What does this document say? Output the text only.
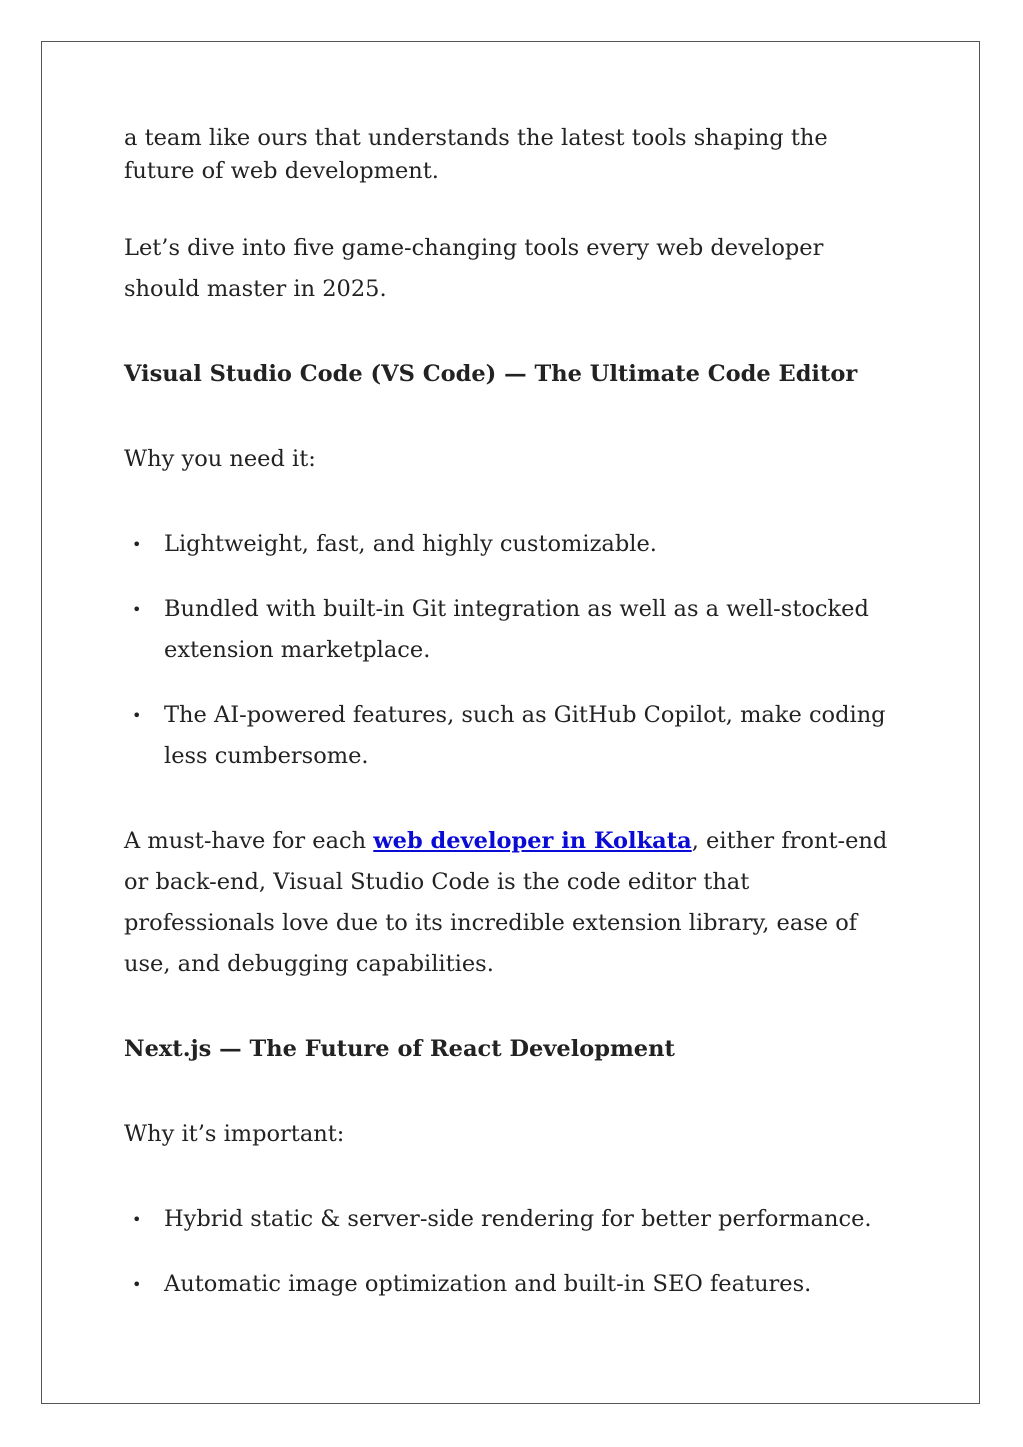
a team like ours that understands the latest tools shaping the future of web development.

Let’s dive into five game-changing tools every web developer should master in 2025.

Visual Studio Code (VS Code) — The Ultimate Code Editor

Why you need it:

• Lightweight, fast, and highly customizable.
• Bundled with built-in Git integration as well as a well-stocked extension marketplace.
• The AI-powered features, such as GitHub Copilot, make coding less cumbersome.

A must-have for each web developer in Kolkata, either front-end or back-end, Visual Studio Code is the code editor that professionals love due to its incredible extension library, ease of use, and debugging capabilities.

Next.js — The Future of React Development

Why it’s important:

• Hybrid static & server-side rendering for better performance.
• Automatic image optimization and built-in SEO features.
